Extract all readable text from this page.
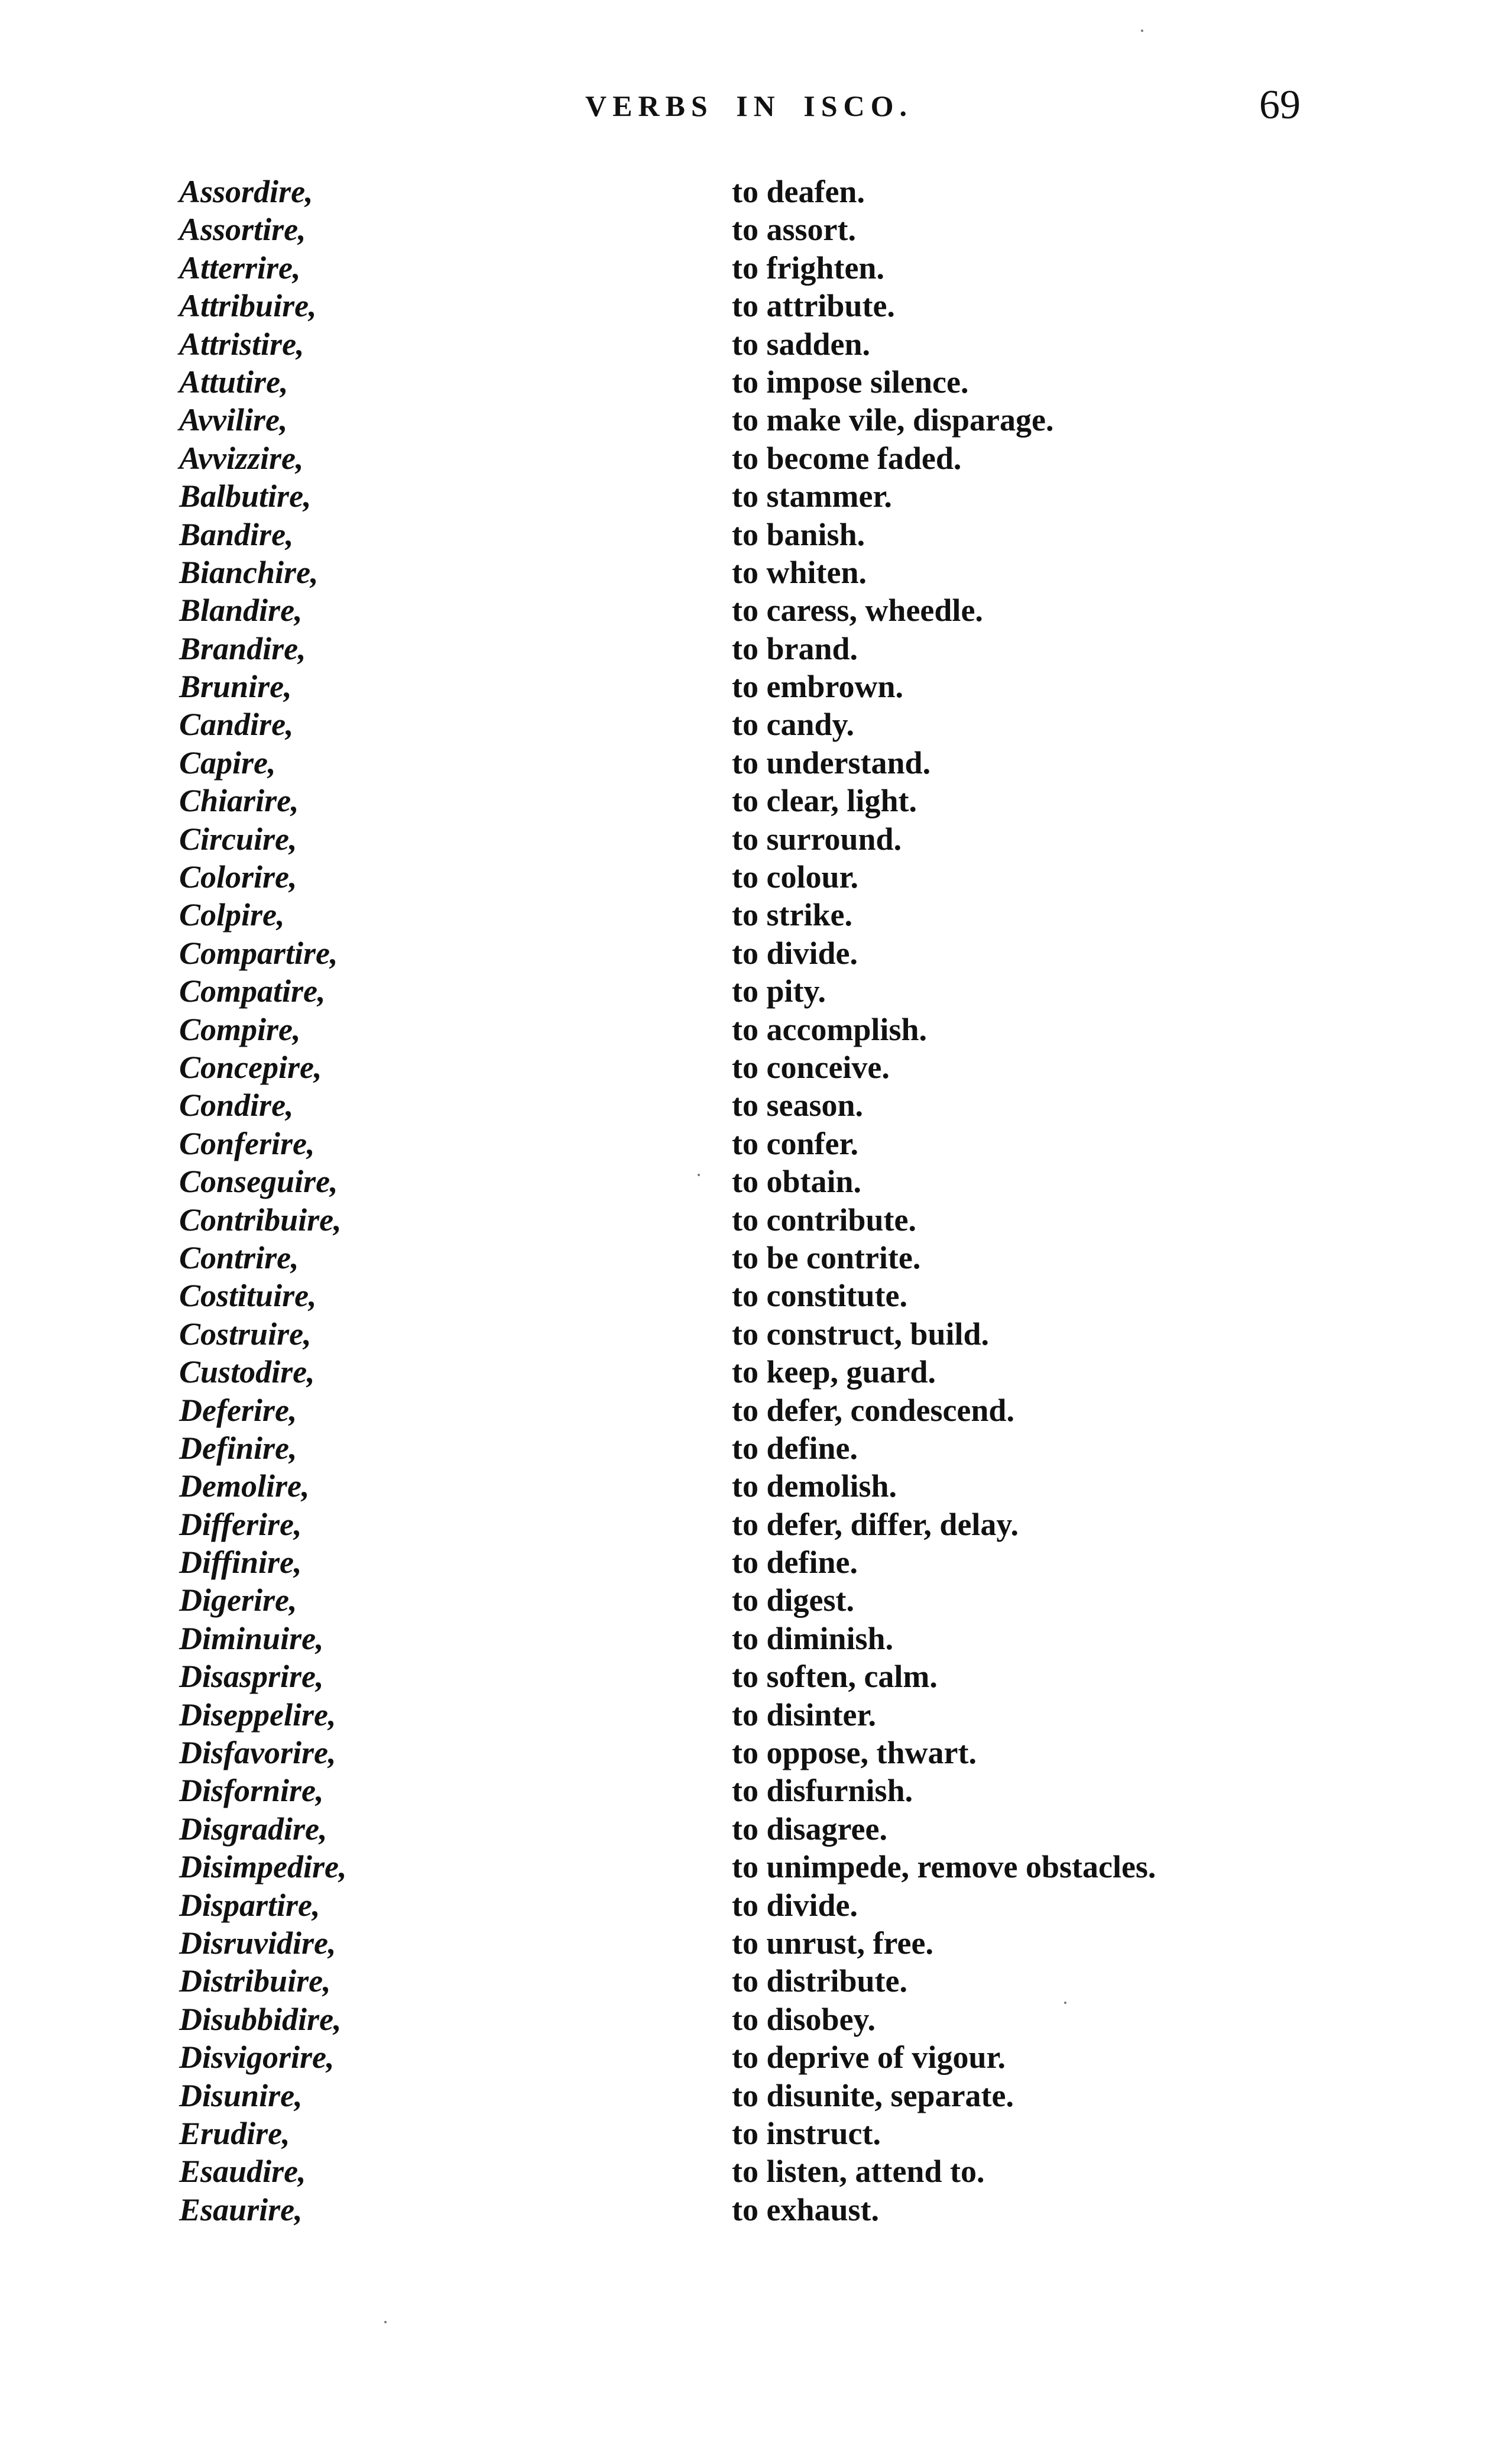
VERBS IN ISCO.	69
Assordire,	to deafen.
Assortire,	to assort.
Atterrire,	to frighten.
Attribuire,	to attribute.
Attristire,	to sadden.
Attutire,	to impose silence.
Avvilire,	to make vile, disparage.
Avvizzire,	to become faded.
Balbutire,	to stammer.
Bandire,	to banish.
Bianchire,	to whiten.
Blandire,	to caress, wheedle.
Brandire,	to brand.
Brunire,	to embrown.
Candire,	to candy.
Capire,	to understand.
Chiarire,	to clear, light.
Circuire,	to surround.
Colorire,	to colour.
Colpire,	to strike.
Compartire,	to divide.
Compatire,	to pity.
Compire,	to accomplish.
Concepire,	to conceive.
Condire,	to season.
Conferire,	to confer.
Conseguire,	to obtain.
Contribuire,	to contribute.
Contrire,	to be contrite.
Costituire,	to constitute.
Costruire,	to construct, build.
Custodire,	to keep, guard.
Deferire,	to defer, condescend.
Definire,	to define.
Demolire,	to demolish.
Differire,	to defer, differ, delay.
Diffinire,	to define.
Digerire,	to digest.
Diminuire,	to diminish.
Disasprire,	to soften, calm.
Diseppelire,	to disinter.
Disfavorire,	to oppose, thwart.
Disfornire,	to disfurnish.
Disgradire,	to disagree.
Disimpedire,	to unimpede, remove obstacles.
Dispartire,	to divide.
Disruvidire,	to unrust, free.
Distribuire,	to distribute.
Disubbidire,	to disobey.
Disvigorire,	to deprive of vigour.
Disunire,	to disunite, separate.
Erudire,	to instruct.
Esaudire,	to listen, attend to.
Esaurire,	to exhaust.
